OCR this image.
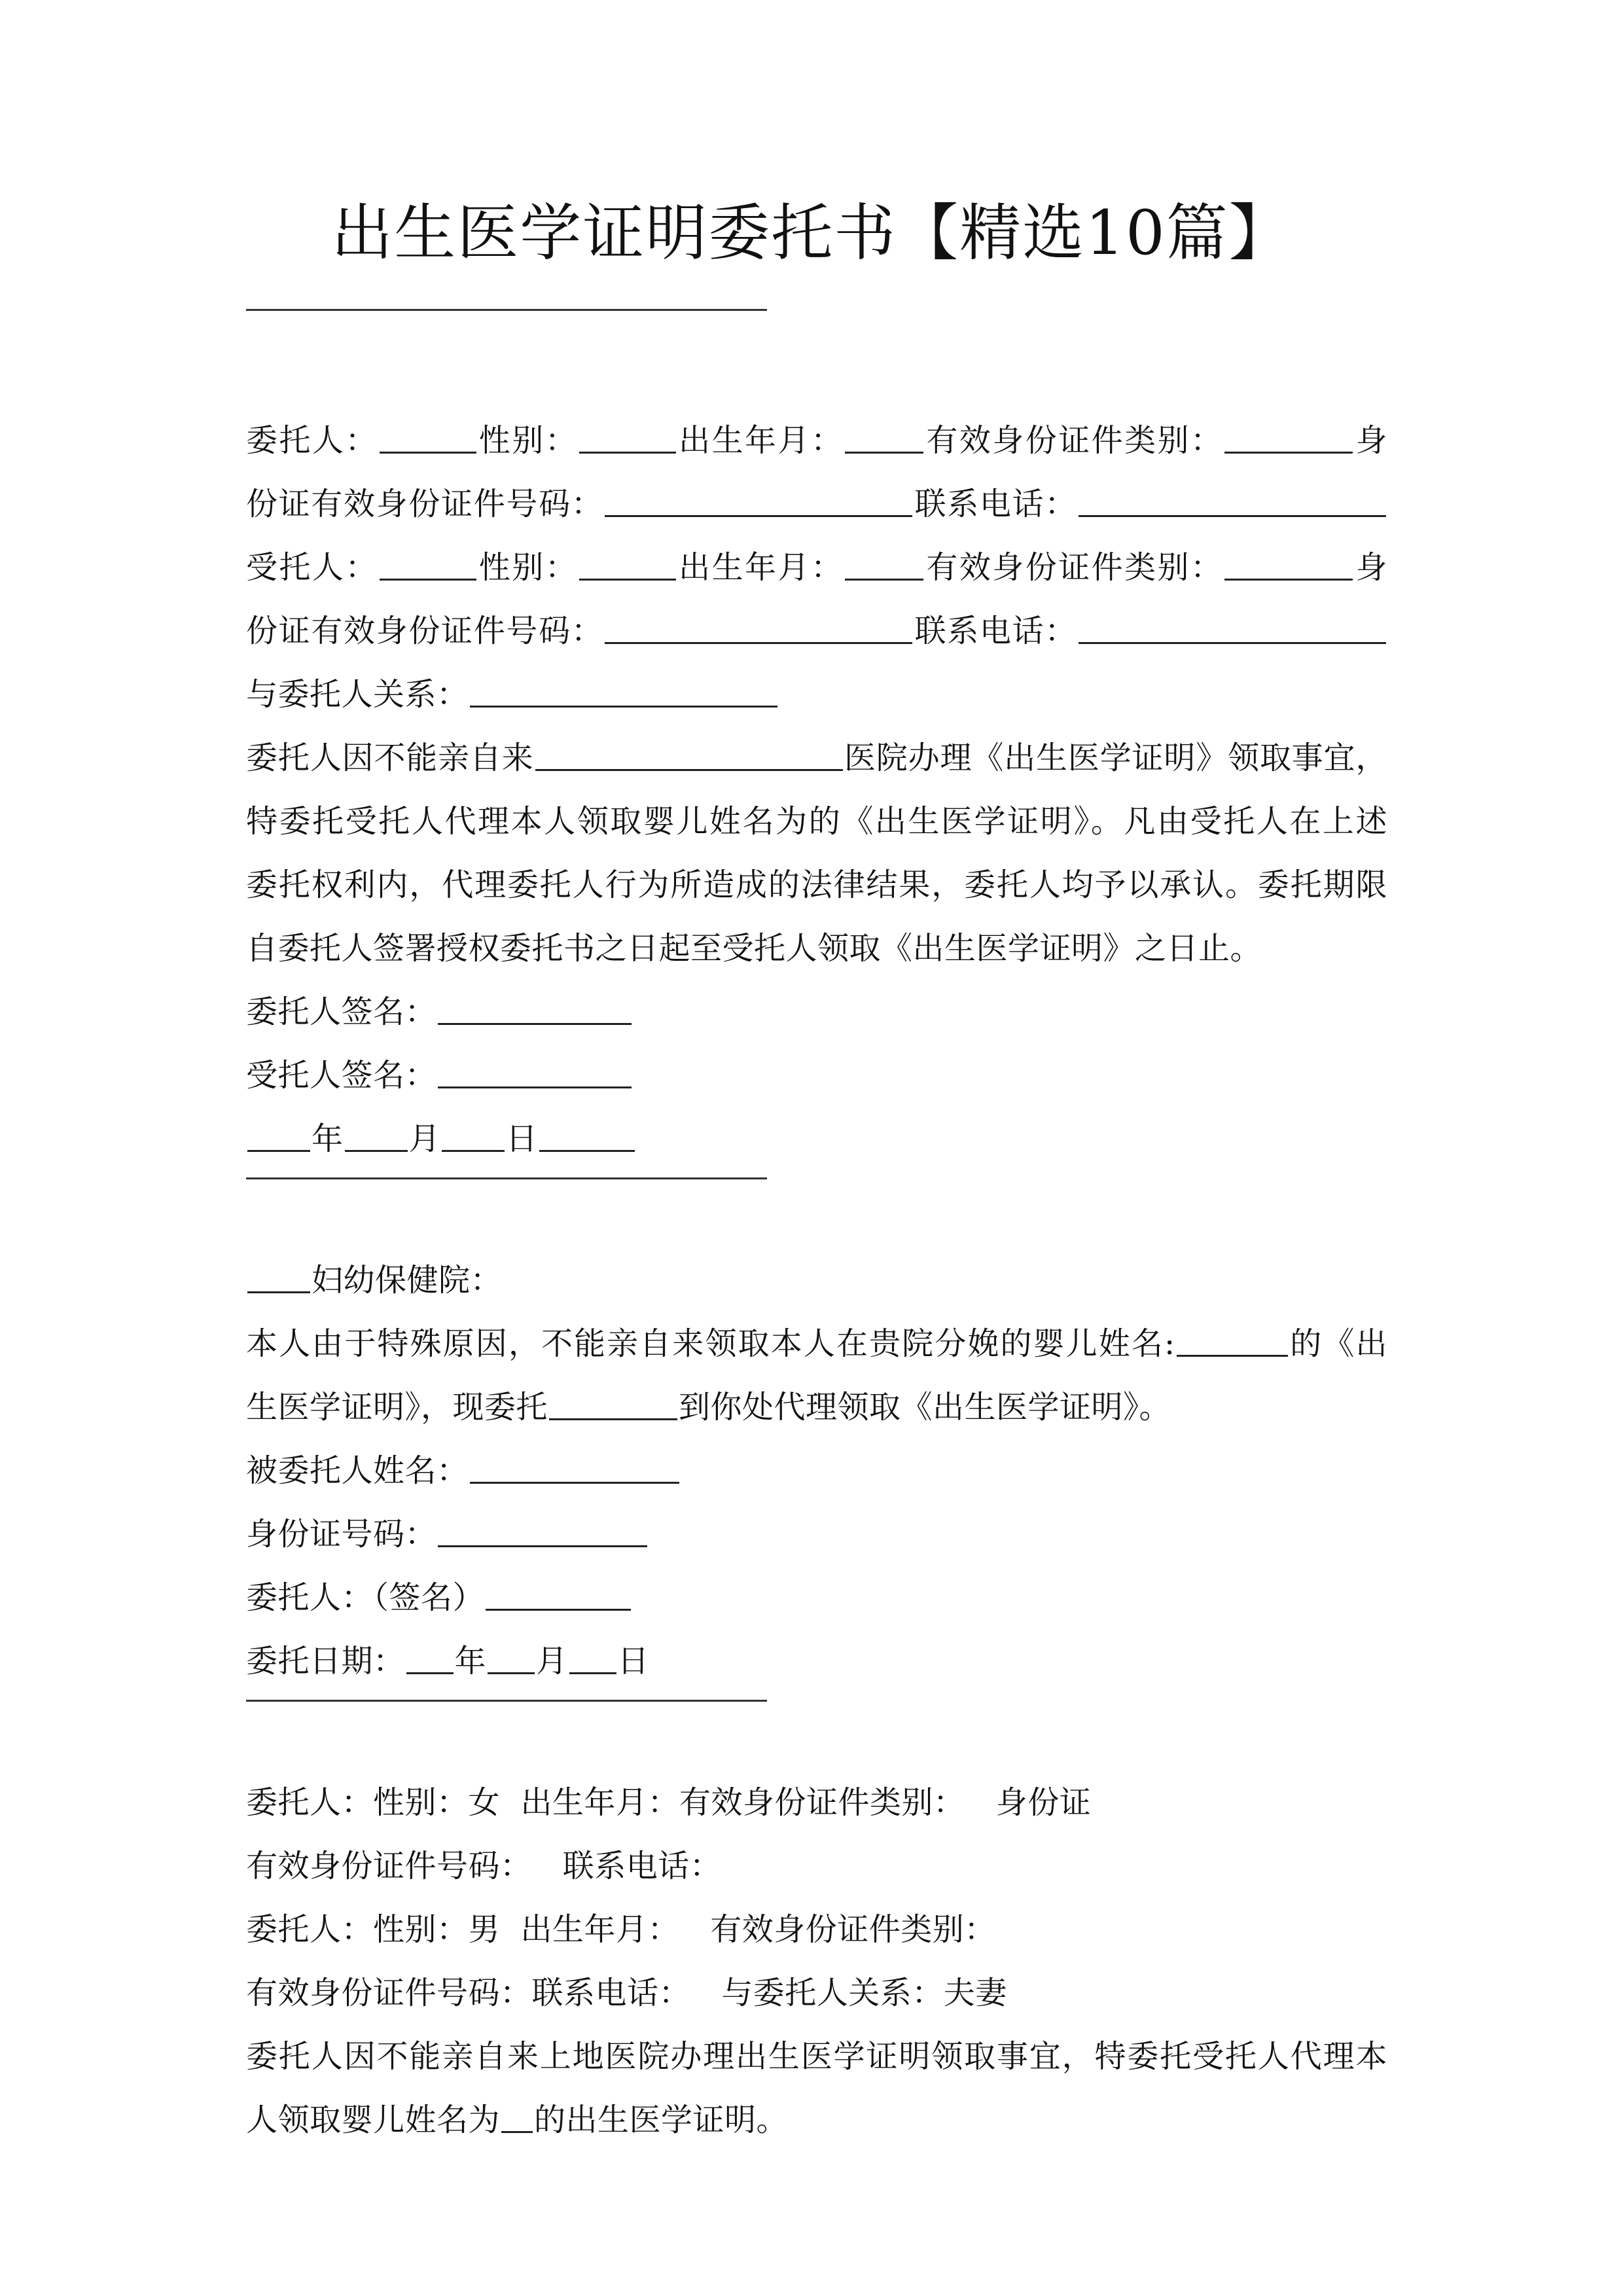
出生医学证明委托书【精选10篇】
委托人：	性别：	出生年月：	有效身份证件类别：	身
份证有效身份证件号码：	联系电话：
受托人：	性别：	出生年月：	有效身份证件类别：	身
份证有效身份证件号码：	联系电话：
与委托人关系：
委托人因不能亲自来	医院办理《出生医学证明》领取事宜，
特委托受托人代理本人领取婴儿姓名为的《出生医学证明》。凡由受托人在上述
委托权利内，代理委托人行为所造成的法律结果，委托人均予以承认。委托期限
自委托人签署授权委托书之日起至受托人领取《出生医学证明》之日止。
委托人签名：
受托人签名：
年 月 日
妇幼保健院：
本人由于特殊原因，不能亲自来领取本人在贵院分娩的婴儿姓名:	的《出
生医学证明》，现委托	到你处代理领取《出生医学证明》。
被委托人姓名：
身份证号码：
委托人：（签名）
委托日期： 年 月 日
委托人：性别：女  出生年月：有效身份证件类别：   身份证
有效身份证件号码：   联系电话：
委托人：性别：男  出生年月：   有效身份证件类别：
有效身份证件号码：联系电话：   与委托人关系：夫妻
委托人因不能亲自来上地医院办理出生医学证明领取事宜，特委托受托人代理本
人领取婴儿姓名为 的出生医学证明。
